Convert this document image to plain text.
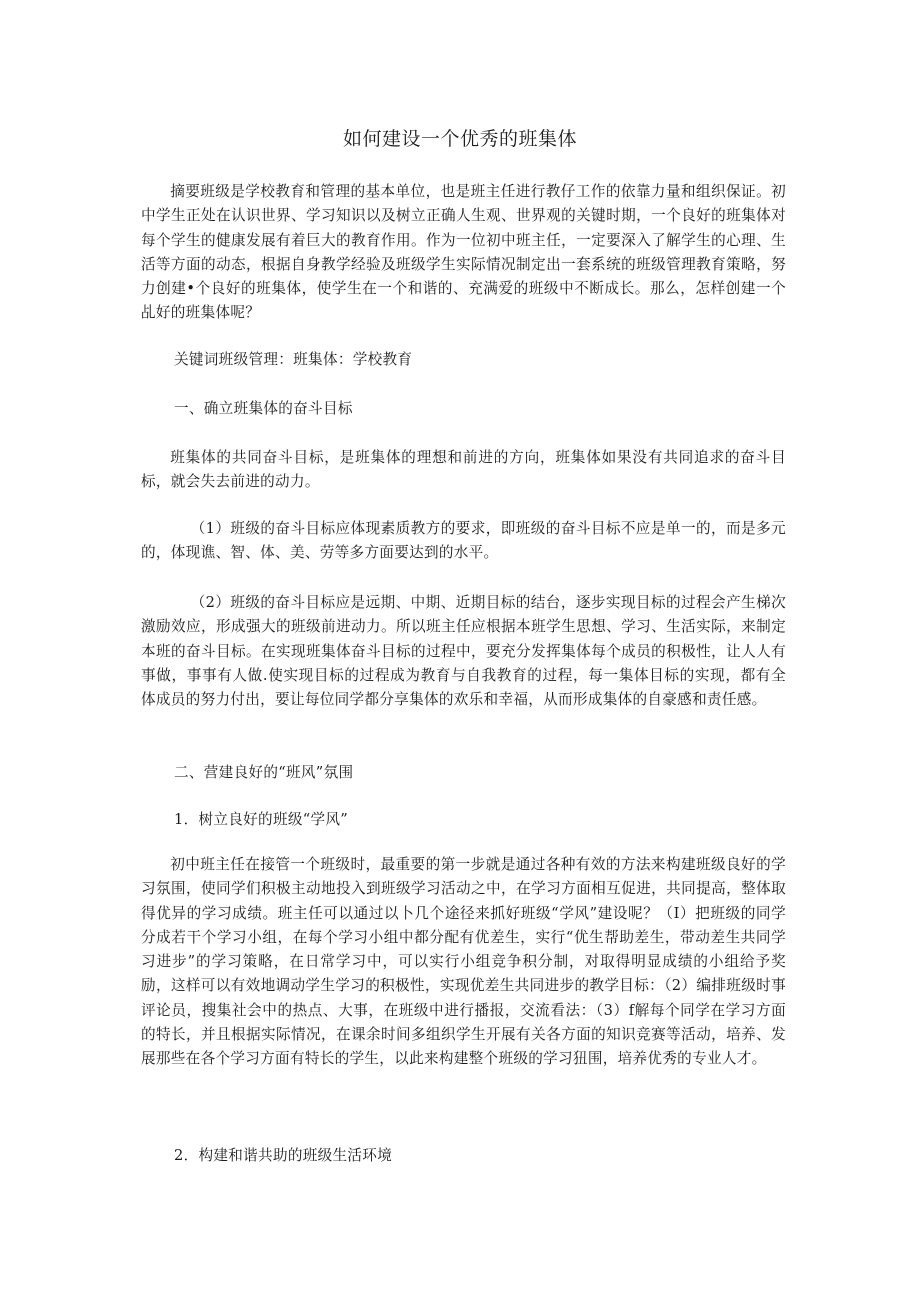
如何建设一个优秀的班集体

摘要班级是学校教育和管理的基本单位，也是班主任进行教仔工作的依靠力量和组织保证。初中学生正处在认识世界、学习知识以及树立正确人生观、世界观的关键时期，一个良好的班集体对每个学生的健康发展有着巨大的教育作用。作为一位初中班主任，一定要深入了解学生的心理、生活等方面的动态，根据自身教学经验及班级学生实际情况制定出一套系统的班级管理教育策略，努力创建•个良好的班集体，使学生在一个和谐的、充满爱的班级中不断成长。那么，怎样创建一个乩好的班集体呢？

关键词班级管理：班集体：学校教育

一、确立班集体的奋斗目标

班集体的共同奋斗目标，是班集体的理想和前进的方向，班集体如果没有共同追求的奋斗目标，就会失去前进的动力。

（1）班级的奋斗目标应体现素质教方的要求，即班级的奋斗目标不应是单一的，而是多元的，体现谯、智、体、美、劳等多方面要达到的水平。

（2）班级的奋斗目标应是远期、中期、近期目标的结台，逐步实现目标的过程会产生梯次激励效应，形成强大的班级前进动力。所以班主任应根据本班学生思想、学习、生活实际，来制定本班的奋斗目标。在实现班集体奋斗目标的过程中，要充分发挥集体每个成员的积极性，让人人有事做，事事有人做.使实现目标的过程成为教育与自我教育的过程，每一集体目标的实现，都有全体成员的努力付出，要让每位同学都分享集体的欢乐和幸福，从而形成集体的自豪感和责任感。

二、营建良好的“班风”氛围

1．树立良好的班级“学风”

初中班主任在接管一个班级时，最重要的第一步就是通过各种有效的方法来构建班级良好的学习氛围，使同学们积极主动地投入到班级学习活动之中，在学习方面相互促进，共同提高，整体取得优异的学习成绩。班主任可以通过以卜几个途径来抓好班级“学风”建设呢？（I）把班级的同学分成若干个学习小组，在每个学习小组中都分配有优差生，实行“优生帮助差生，带动差生共同学习进步”的学习策略，在日常学习中，可以实行小组竞争积分制，对取得明显成绩的小组给予奖励，这样可以有效地调动学生学习的积极性，实现优差生共同进步的教学目标：（2）编排班级时事评论员，搜集社会中的热点、大事，在班级中进行播报，交流看法：（3）f解每个同学在学习方面的特长，并且根据实际情况，在课余时间多组织学生开展有关各方面的知识竞赛等活动，培养、发展那些在各个学习方面有特长的学生，以此来构建整个班级的学习狃围，培养优秀的专业人才。

2．构建和谐共助的班级生活环境
